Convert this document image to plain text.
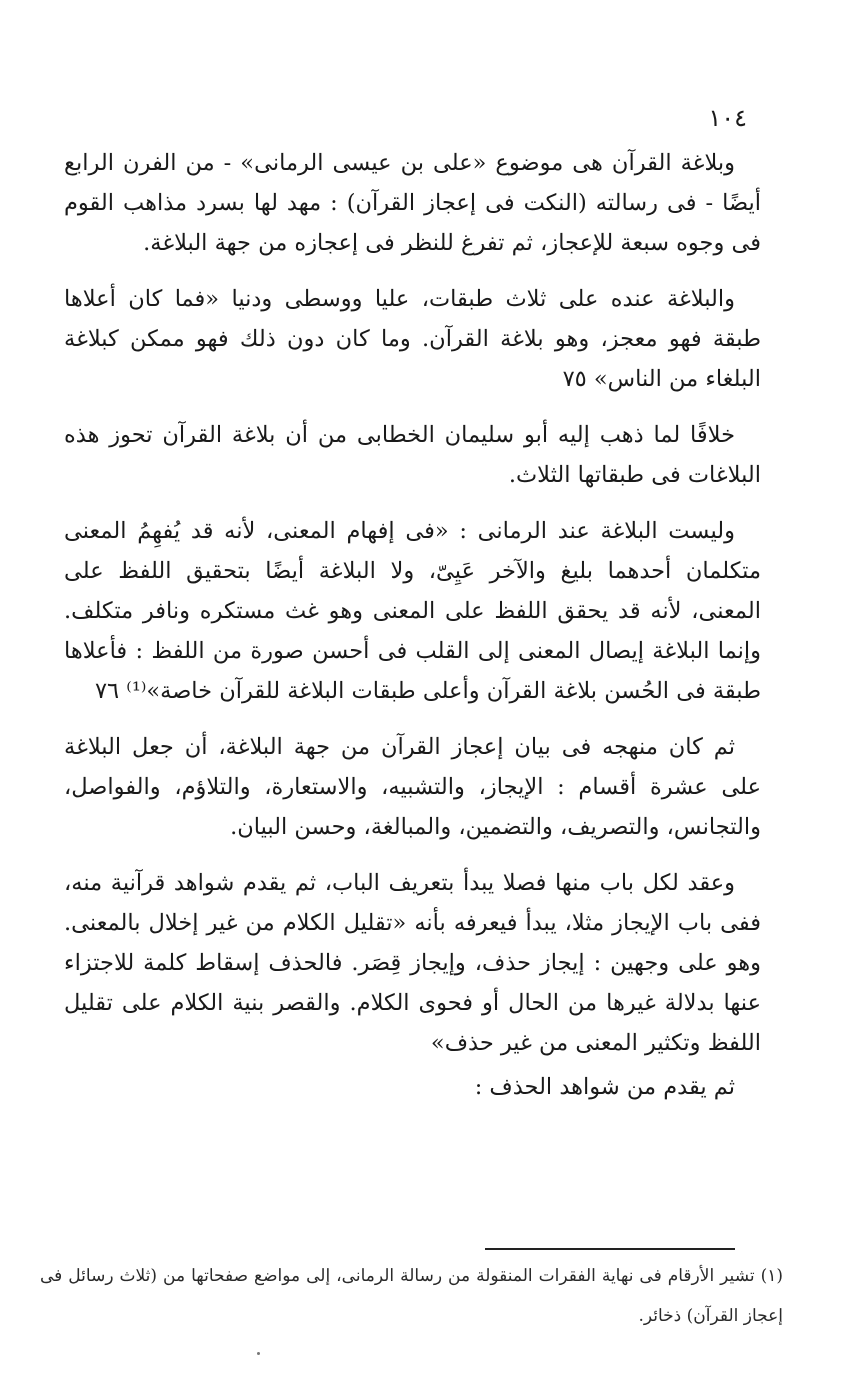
١٠٤

وبلاغة القرآن هى موضوع «على بن عيسى الرمانى» - من الفرن الرابع أيضًا - فى رسالته (النكت فى إعجاز القرآن) : مهد لها بسرد مذاهب القوم فى وجوه سبعة للإعجاز، ثم تفرغ للنظر فى إعجازه من جهة البلاغة.

والبلاغة عنده على ثلاث طبقات، عليا ووسطى ودنيا «فما كان أعلاها طبقة فهو معجز، وهو بلاغة القرآن. وما كان دون ذلك فهو ممكن كبلاغة البلغاء من الناس» ٧٥

خلافًا لما ذهب إليه أبو سليمان الخطابى من أن بلاغة القرآن تحوز هذه البلاغات فى طبقاتها الثلاث.

وليست البلاغة عند الرمانى : «فى إفهام المعنى، لأنه قد يُفهِمُ المعنى متكلمان أحدهما بليغ والآخر عَيِىّ، ولا البلاغة أيضًا بتحقيق اللفظ على المعنى، لأنه قد يحقق اللفظ على المعنى وهو غث مستكره ونافر متكلف. وإنما البلاغة إيصال المعنى إلى القلب فى أحسن صورة من اللفظ : فأعلاها طبقة فى الحُسن بلاغة القرآن وأعلى طبقات البلاغة للقرآن خاصة»⁽¹⁾ ٧٦

ثم كان منهجه فى بيان إعجاز القرآن من جهة البلاغة، أن جعل البلاغة على عشرة أقسام : الإيجاز، والتشبيه، والاستعارة، والتلاؤم، والفواصل، والتجانس، والتصريف، والتضمين، والمبالغة، وحسن البيان.

وعقد لكل باب منها فصلا يبدأ بتعريف الباب، ثم يقدم شواهد قرآنية منه، ففى باب الإيجاز مثلا، يبدأ فيعرفه بأنه «تقليل الكلام من غير إخلال بالمعنى. وهو على وجهين : إيجاز حذف، وإيجاز قِصَر. فالحذف إسقاط كلمة للاجتزاء عنها بدلالة غيرها من الحال أو فحوى الكلام. والقصر بنية الكلام على تقليل اللفظ وتكثير المعنى من غير حذف»

ثم يقدم من شواهد الحذف :

(١) تشير الأرقام فى نهاية الفقرات المنقولة من رسالة الرمانى، إلى مواضع صفحاتها من (ثلاث رسائل فى إعجاز القرآن) ذخائر.
